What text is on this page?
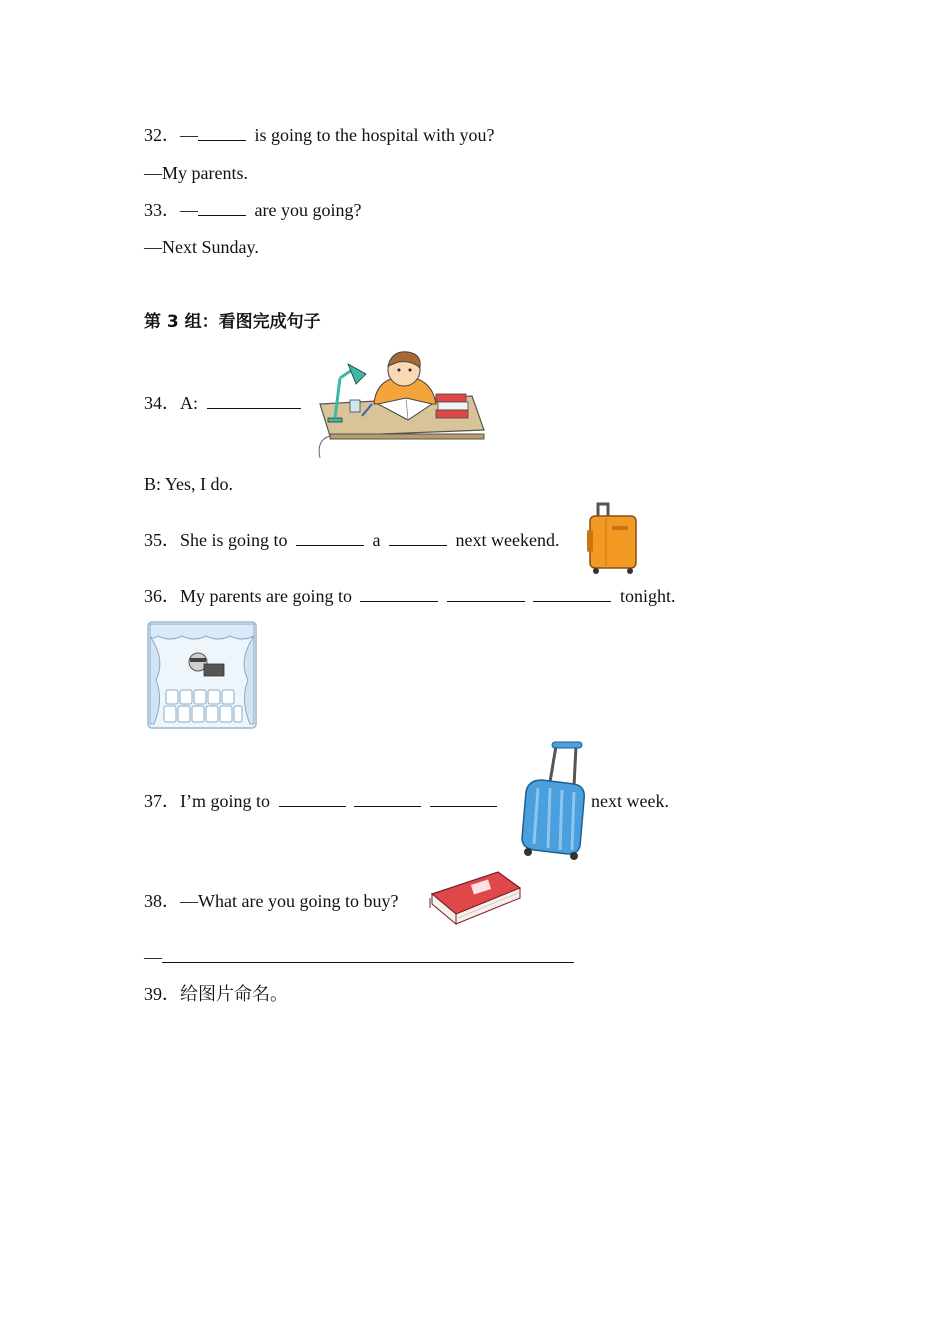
32．—	is going to the hospital with you?
—My parents.
33．—	are you going?
—Next Sunday.
第 3 组：看图完成句子
34．A:
B: Yes, I do.
35．She is going to	a	next weekend.
36．My parents are going to	tonight.
37．I’m going to	next week.
38．—What are you going to buy?
—
39．给图片命名。
